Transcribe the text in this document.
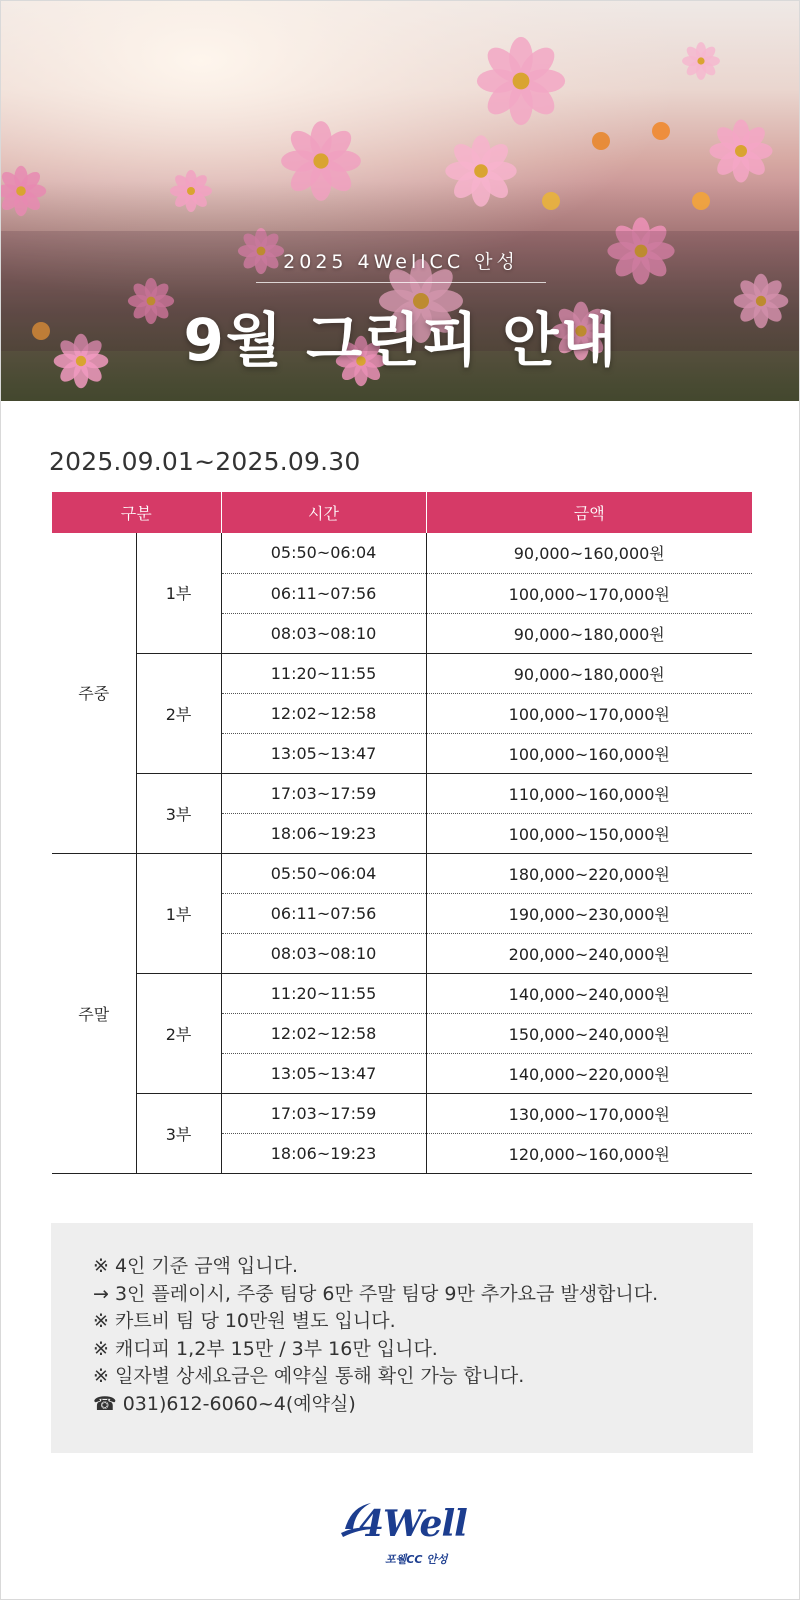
2025 4WellCC 안성
9월 그린피 안내
2025.09.01~2025.09.30
구분		시간	금액
주중	1부	05:50~06:04	90,000~160,000원
		06:11~07:56	100,000~170,000원
		08:03~08:10	90,000~180,000원
	2부	11:20~11:55	90,000~180,000원
		12:02~12:58	100,000~170,000원
		13:05~13:47	100,000~160,000원
	3부	17:03~17:59	110,000~160,000원
		18:06~19:23	100,000~150,000원
주말	1부	05:50~06:04	180,000~220,000원
		06:11~07:56	190,000~230,000원
		08:03~08:10	200,000~240,000원
	2부	11:20~11:55	140,000~240,000원
		12:02~12:58	150,000~240,000원
		13:05~13:47	140,000~220,000원
	3부	17:03~17:59	130,000~170,000원
		18:06~19:23	120,000~160,000원

※ 4인 기준 금액 입니다.

→ 3인 플레이시, 주중 팀당 6만 주말 팀당 9만 추가요금 발생합니다.

※ 카트비 팀 당 10만원 별도 입니다.

※ 캐디피 1,2부 15만 / 3부 16만 입니다.

※ 일자별 상세요금은 예약실 통해 확인 가능 합니다.

☎ 031)612-6060~4(예약실)

4Well
포웰CC 안성
